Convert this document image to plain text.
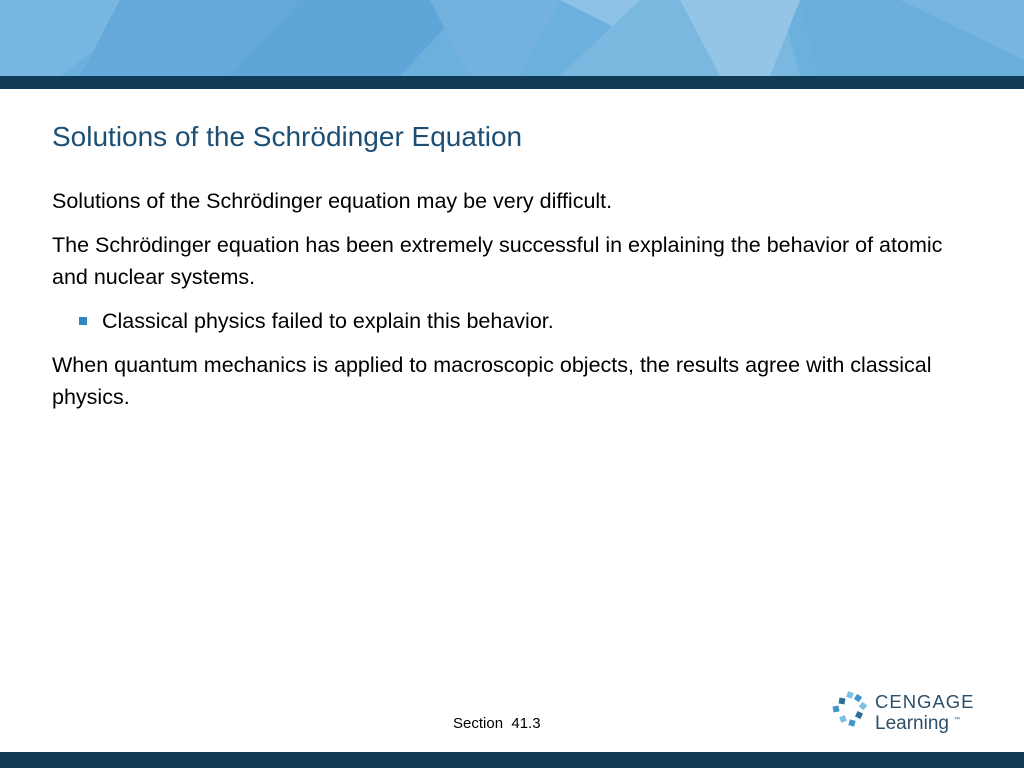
Solutions of the Schrödinger Equation

Solutions of the Schrödinger equation may be very difficult.

The Schrödinger equation has been extremely successful in explaining the behavior of atomic and nuclear systems.

Classical physics failed to explain this behavior.

When quantum mechanics is applied to macroscopic objects, the results agree with classical physics.

Section  41.3
CENGAGE
Learning ™
